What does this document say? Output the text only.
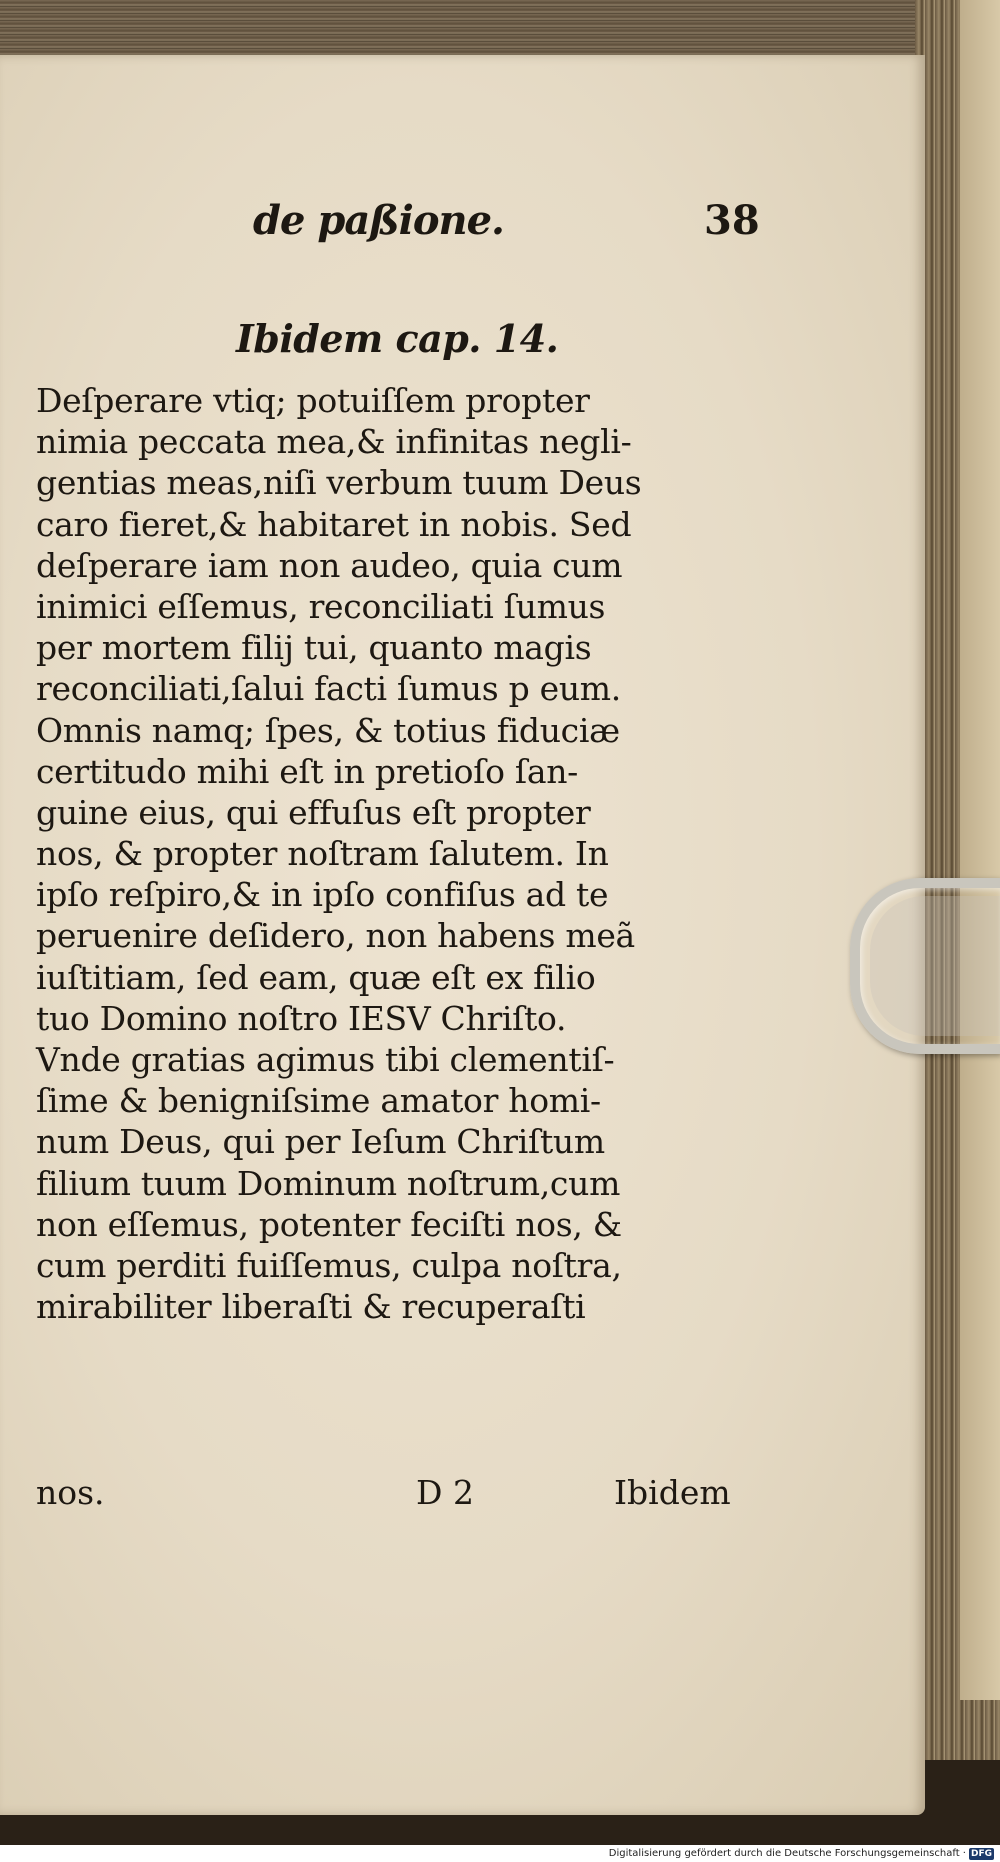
de paßione.	38
Ibidem cap. 14.
Deſperare vtiq; potuiſſem propter
nimia peccata mea,& infinitas negli-
gentias meas,niſi verbum tuum Deus
caro fieret,& habitaret in nobis. Sed
deſperare iam non audeo, quia cum
inimici eſſemus, reconciliati ſumus
per mortem filij tui, quanto magis
reconciliati,ſalui facti ſumus p eum.
Omnis namq; ſpes, & totius fiduciæ
certitudo mihi eſt in pretioſo ſan-
guine eius, qui effuſus eſt propter
nos, & propter noſtram ſalutem. In
ipſo reſpiro,& in ipſo confiſus ad te
peruenire deſidero, non habens meã
iuſtitiam, ſed eam, quæ eſt ex filio
tuo Domino noſtro IESV Chriſto.
Vnde gratias agimus tibi clementiſ-
ſime & benigniſsime amator homi-
num Deus, qui per Ieſum Chriſtum
filium tuum Dominum noſtrum,cum
non eſſemus, potenter feciſti nos, &
cum perditi fuiſſemus, culpa noſtra,
mirabiliter liberaſti & recuperaſti
nos.	D 2	Ibidem
Digitalisierung gefördert durch die Deutsche Forschungsgemeinschaft · DFG
